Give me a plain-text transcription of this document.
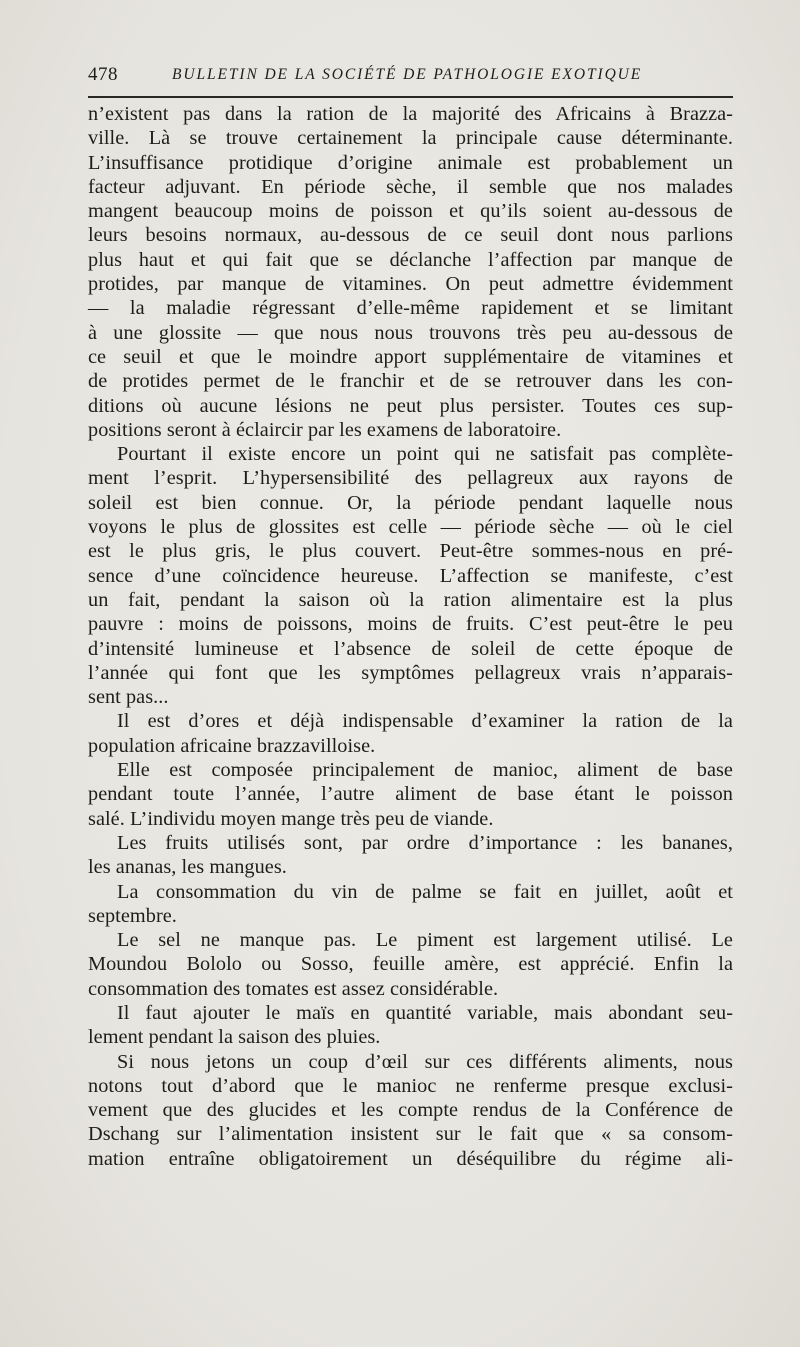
478	BULLETIN DE LA SOCIÉTÉ DE PATHOLOGIE EXOTIQUE
n’existent pas dans la ration de la majorité des Africains à Brazza-
ville. Là se trouve certainement la principale cause déterminante.
L’insuffisance protidique d’origine animale est probablement un
facteur adjuvant. En période sèche, il semble que nos malades
mangent beaucoup moins de poisson et qu’ils soient au-dessous de
leurs besoins normaux, au-dessous de ce seuil dont nous parlions
plus haut et qui fait que se déclanche l’affection par manque de
protides, par manque de vitamines. On peut admettre évidemment
— la maladie régressant d’elle-même rapidement et se limitant
à une glossite — que nous nous trouvons très peu au-dessous de
ce seuil et que le moindre apport supplémentaire de vitamines et
de protides permet de le franchir et de se retrouver dans les con-
ditions où aucune lésions ne peut plus persister. Toutes ces sup-
positions seront à éclaircir par les examens de laboratoire.
Pourtant il existe encore un point qui ne satisfait pas complète-
ment l’esprit. L’hypersensibilité des pellagreux aux rayons de
soleil est bien connue. Or, la période pendant laquelle nous
voyons le plus de glossites est celle — période sèche — où le ciel
est le plus gris, le plus couvert. Peut-être sommes-nous en pré-
sence d’une coïncidence heureuse. L’affection se manifeste, c’est
un fait, pendant la saison où la ration alimentaire est la plus
pauvre : moins de poissons, moins de fruits. C’est peut-être le peu
d’intensité lumineuse et l’absence de soleil de cette époque de
l’année qui font que les symptômes pellagreux vrais n’apparais-
sent pas...
Il est d’ores et déjà indispensable d’examiner la ration de la
population africaine brazzavilloise.
Elle est composée principalement de manioc, aliment de base
pendant toute l’année, l’autre aliment de base étant le poisson
salé. L’individu moyen mange très peu de viande.
Les fruits utilisés sont, par ordre d’importance : les bananes,
les ananas, les mangues.
La consommation du vin de palme se fait en juillet, août et
septembre.
Le sel ne manque pas. Le piment est largement utilisé. Le
Moundou Bololo ou Sosso, feuille amère, est apprécié. Enfin la
consommation des tomates est assez considérable.
Il faut ajouter le maïs en quantité variable, mais abondant seu-
lement pendant la saison des pluies.
Si nous jetons un coup d’œil sur ces différents aliments, nous
notons tout d’abord que le manioc ne renferme presque exclusi-
vement que des glucides et les compte rendus de la Conférence de
Dschang sur l’alimentation insistent sur le fait que « sa consom-
mation entraîne obligatoirement un déséquilibre du régime ali-
